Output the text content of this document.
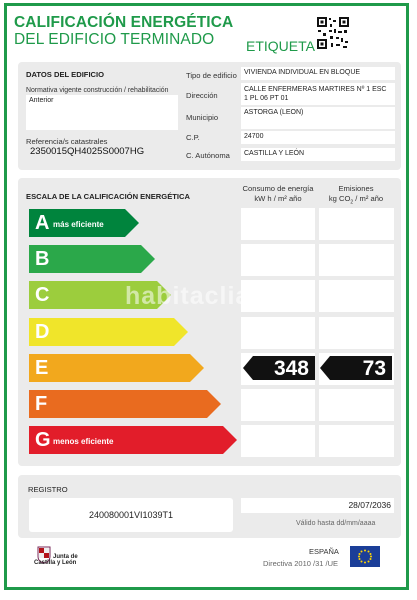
CALIFICACIÓN ENERGÉTICA
DEL EDIFICIO TERMINADO	ETIQUETA
DATOS DEL EDIFICIO
Normativa vigente construcción / rehabilitación
Anterior
Referencia/s catastrales
2350015QH4025S0007HG
Tipo de edificio	VIVIENDA INDIVIDUAL EN BLOQUE
Dirección
CALLE ENFERMERAS MARTIRES Nº 1 ESC
1 PL 06 PT 01
Municipio
ASTORGA (LEON)
C.P.	24700
C. Autónoma	CASTILLA Y LEÓN
ESCALA DE LA CALIFICACIÓN ENERGÉTICA
Consumo de energía
kW h / m² año
Emisiones
kg $CO_2 / m^2$ año
A más eficiente
B
C
D
E	348	73
F
G menos eficiente
habitaclia
REGISTRO
240080001VI1039T1
28/07/2036
Válido hasta dd/mm/aaaa
Junta de
Castilla y León
ESPAÑA
Directiva 2010 /31 /UE
